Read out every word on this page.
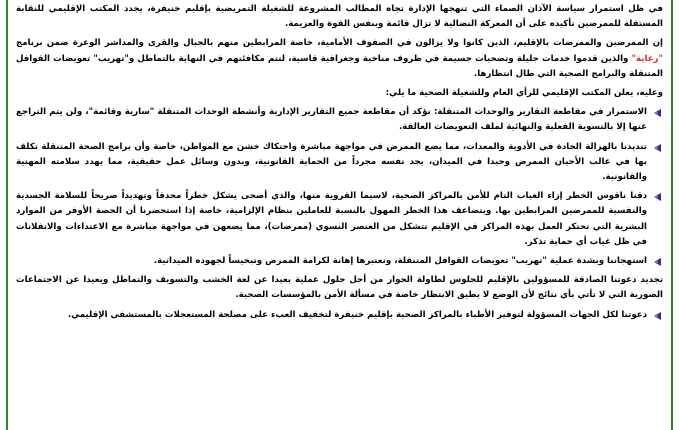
في ظل استمرار سياسة الآذان الصماء التي تنهجها الإدارة تجاه المطالب المشروعة للشغيلة التمريضية بإقليم خنيفرة، يجدد المكتب الإقليمي للنقابة المستقلة للممرضين تأكيده على أن المعركة النضالية لا تزال قائمة وبنفس القوة والعزيمة.

إن الممرضين والممرضات بالإقليم، الذين كانوا ولا يزالون في الصفوف الأمامية، خاصة المرابطين منهم بالجبال والقرى والمداشر الوعرة ضمن برنامج "رعاية" والذين قدموا خدمات جليلة وتضحيات جسيمة في ظروف مناخية وجغرافية قاسية، لتتم مكافئتهم في النهاية بالتماطل و"تهريب" تعويضات القوافل المتنقلة والبرامج الصحية التي طال انتظارها.

وعليه، يعلن المكتب الإقليمي للرأي العام وللشغيلة الصحية ما يلي:

الاستمرار في مقاطعة التقارير والوحدات المتنقلة: نؤكد أن مقاطعة جميع التقارير الإدارية وأنشطة الوحدات المتنقلة "سارية وقائمة"، ولن يتم التراجع عنها إلا بالتسوية الفعلية والنهائية لملف التعويضات العالقة.
تنديدنا بالهزالة الحادة في الأدوية والمعدات، مما يضع الممرض في مواجهة مباشرة واحتكاك خشن مع المواطن، خاصة وأن برامج الصحة المتنقلة تكلف بها في غالب الأحيان الممرض وحيدا في الميدان، يجد نفسه مجرداً من الحماية القانونية، وبدون وسائل عمل حقيقية، مما يهدد سلامته المهنية والقانونية.
دقنا ناقوس الخطر إزاء الغياب التام للأمن بالمراكز الصحية، لاسيما القروية منها، والذي أضحى يشكل خطراً محدقاً وتهديداً صريحاً للسلامة الجسدية والنفسية للممرضين المرابطين بها. ويتضاعف هذا الخطر المهول بالنسبة للعاملين بنظام الإلزامية، خاصة إذا استحضرنا أن الحصة الأوفر من الموارد البشرية التي تحتكر العمل بهذه المراكز في الإقليم تتشكل من العنصر النسوي (ممرضات)، مما يضعهن في مواجهة مباشرة مع الاعتداءات والانفلاتات في ظل غياب أي حماية تذكر.
استهجاننا وبشدة عملية "تهريب" تعويضات القوافل المتنقلة، ونعتبرها إهانة لكرامة الممرض وتبخيساً لجهوده الميدانية.
تجديد دعوتنا الصادقة للمسؤولين بالإقليم للجلوس لطاولة الحوار من أجل حلول عملية بعيدا عن لغة الخشب والتسويف والتماطل وبعيدا عن الاجتماعات الصورية التي لا تأتي بأي نتائج لأن الوضع لا يطيق الانتظار خاصة في مسألة الأمن بالمؤسسات الصحية.
دعوتنا لكل الجهات المسؤولة لتوفير الأطباء بالمراكز الصحية بإقليم خنيفرة لتخفيف العبء على مصلحة المستعجلات بالمستشفى الإقليمي.
